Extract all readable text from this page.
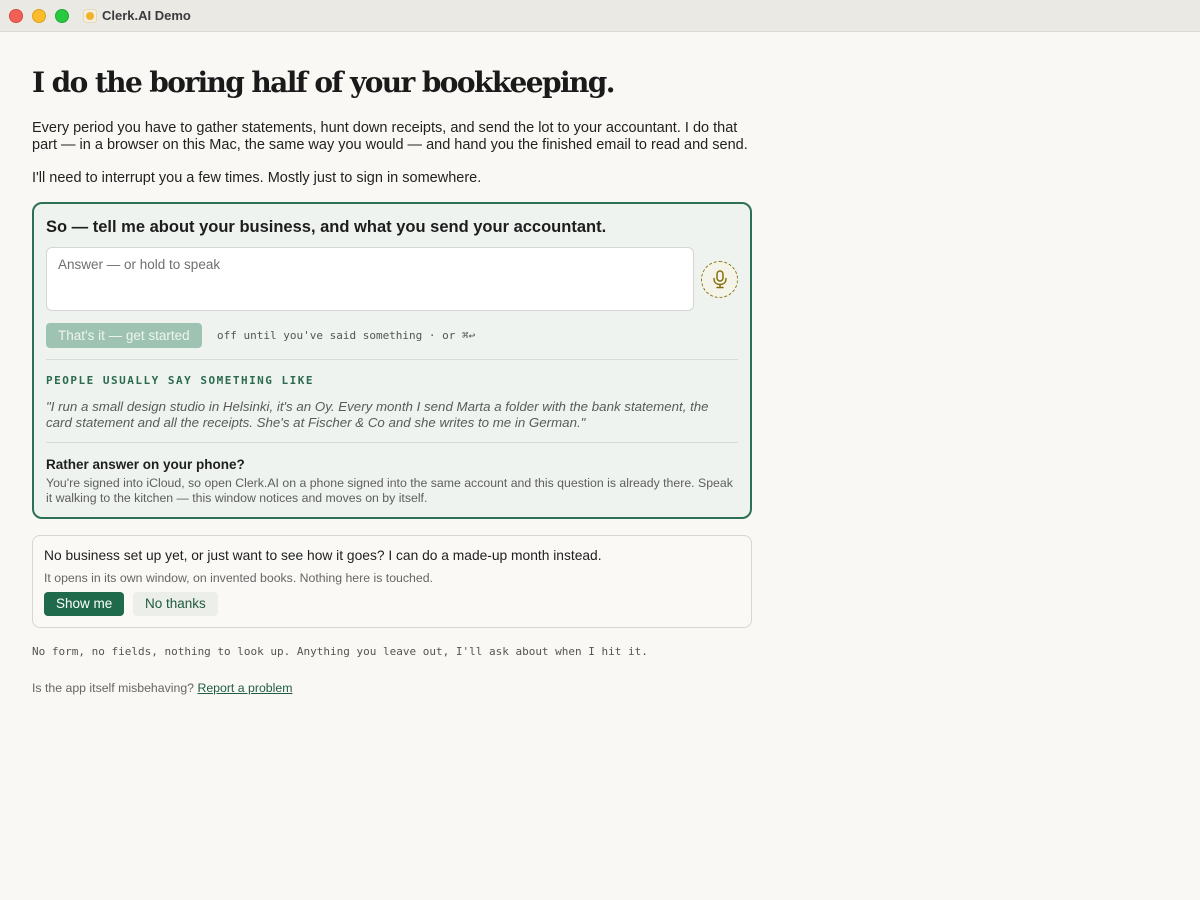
Clerk.AI Demo
I do the boring half of your bookkeeping.

Every period you have to gather statements, hunt down receipts, and send the lot to your accountant. I do that part — in a browser on this Mac, the same way you would — and hand you the finished email to read and send.

I'll need to interrupt you a few times. Mostly just to sign in somewhere.

So — tell me about your business, and what you send your accountant.
Answer — or hold to speak
That's it — get started	off until you've said something · or ⌘↩
PEOPLE USUALLY SAY SOMETHING LIKE

"I run a small design studio in Helsinki, it's an Oy. Every month I send Marta a folder with the bank statement, the card statement and all the receipts. She's at Fischer & Co and she writes to me in German."

Rather answer on your phone?

You're signed into iCloud, so open Clerk.AI on a phone signed into the same account and this question is already there. Speak it walking to the kitchen — this window notices and moves on by itself.

No business set up yet, or just want to see how it goes? I can do a made-up month instead.

It opens in its own window, on invented books. Nothing here is touched.

Show me	No thanks

No form, no fields, nothing to look up. Anything you leave out, I'll ask about when I hit it.

Is the app itself misbehaving? Report a problem
